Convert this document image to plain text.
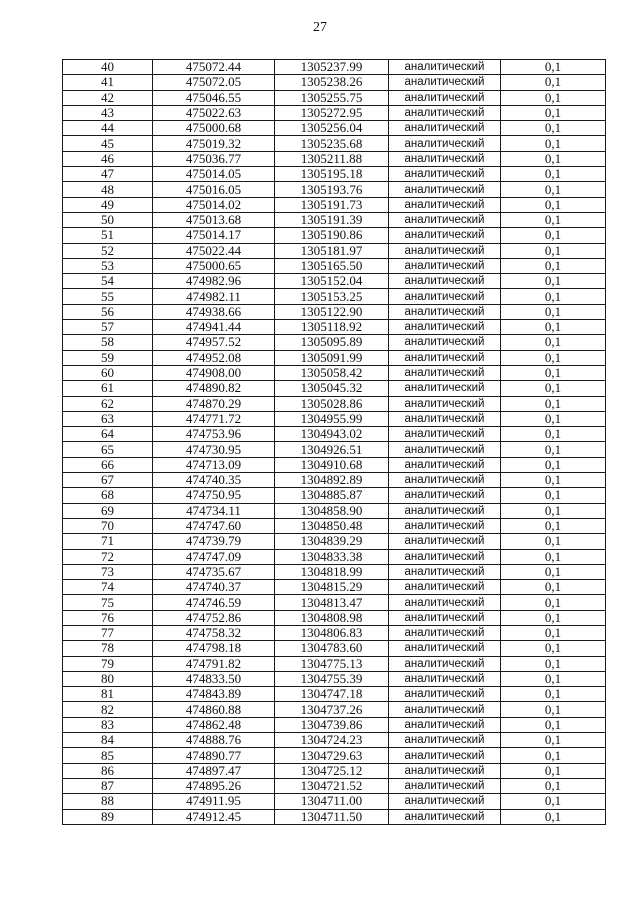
27
40	475072.44	1305237.99	аналитический	0,1
41	475072.05	1305238.26	аналитический	0,1
42	475046.55	1305255.75	аналитический	0,1
43	475022.63	1305272.95	аналитический	0,1
44	475000.68	1305256.04	аналитический	0,1
45	475019.32	1305235.68	аналитический	0,1
46	475036.77	1305211.88	аналитический	0,1
47	475014.05	1305195.18	аналитический	0,1
48	475016.05	1305193.76	аналитический	0,1
49	475014.02	1305191.73	аналитический	0,1
50	475013.68	1305191.39	аналитический	0,1
51	475014.17	1305190.86	аналитический	0,1
52	475022.44	1305181.97	аналитический	0,1
53	475000.65	1305165.50	аналитический	0,1
54	474982.96	1305152.04	аналитический	0,1
55	474982.11	1305153.25	аналитический	0,1
56	474938.66	1305122.90	аналитический	0,1
57	474941.44	1305118.92	аналитический	0,1
58	474957.52	1305095.89	аналитический	0,1
59	474952.08	1305091.99	аналитический	0,1
60	474908.00	1305058.42	аналитический	0,1
61	474890.82	1305045.32	аналитический	0,1
62	474870.29	1305028.86	аналитический	0,1
63	474771.72	1304955.99	аналитический	0,1
64	474753.96	1304943.02	аналитический	0,1
65	474730.95	1304926.51	аналитический	0,1
66	474713.09	1304910.68	аналитический	0,1
67	474740.35	1304892.89	аналитический	0,1
68	474750.95	1304885.87	аналитический	0,1
69	474734.11	1304858.90	аналитический	0,1
70	474747.60	1304850.48	аналитический	0,1
71	474739.79	1304839.29	аналитический	0,1
72	474747.09	1304833.38	аналитический	0,1
73	474735.67	1304818.99	аналитический	0,1
74	474740.37	1304815.29	аналитический	0,1
75	474746.59	1304813.47	аналитический	0,1
76	474752.86	1304808.98	аналитический	0,1
77	474758.32	1304806.83	аналитический	0,1
78	474798.18	1304783.60	аналитический	0,1
79	474791.82	1304775.13	аналитический	0,1
80	474833.50	1304755.39	аналитический	0,1
81	474843.89	1304747.18	аналитический	0,1
82	474860.88	1304737.26	аналитический	0,1
83	474862.48	1304739.86	аналитический	0,1
84	474888.76	1304724.23	аналитический	0,1
85	474890.77	1304729.63	аналитический	0,1
86	474897.47	1304725.12	аналитический	0,1
87	474895.26	1304721.52	аналитический	0,1
88	474911.95	1304711.00	аналитический	0,1
89	474912.45	1304711.50	аналитический	0,1
